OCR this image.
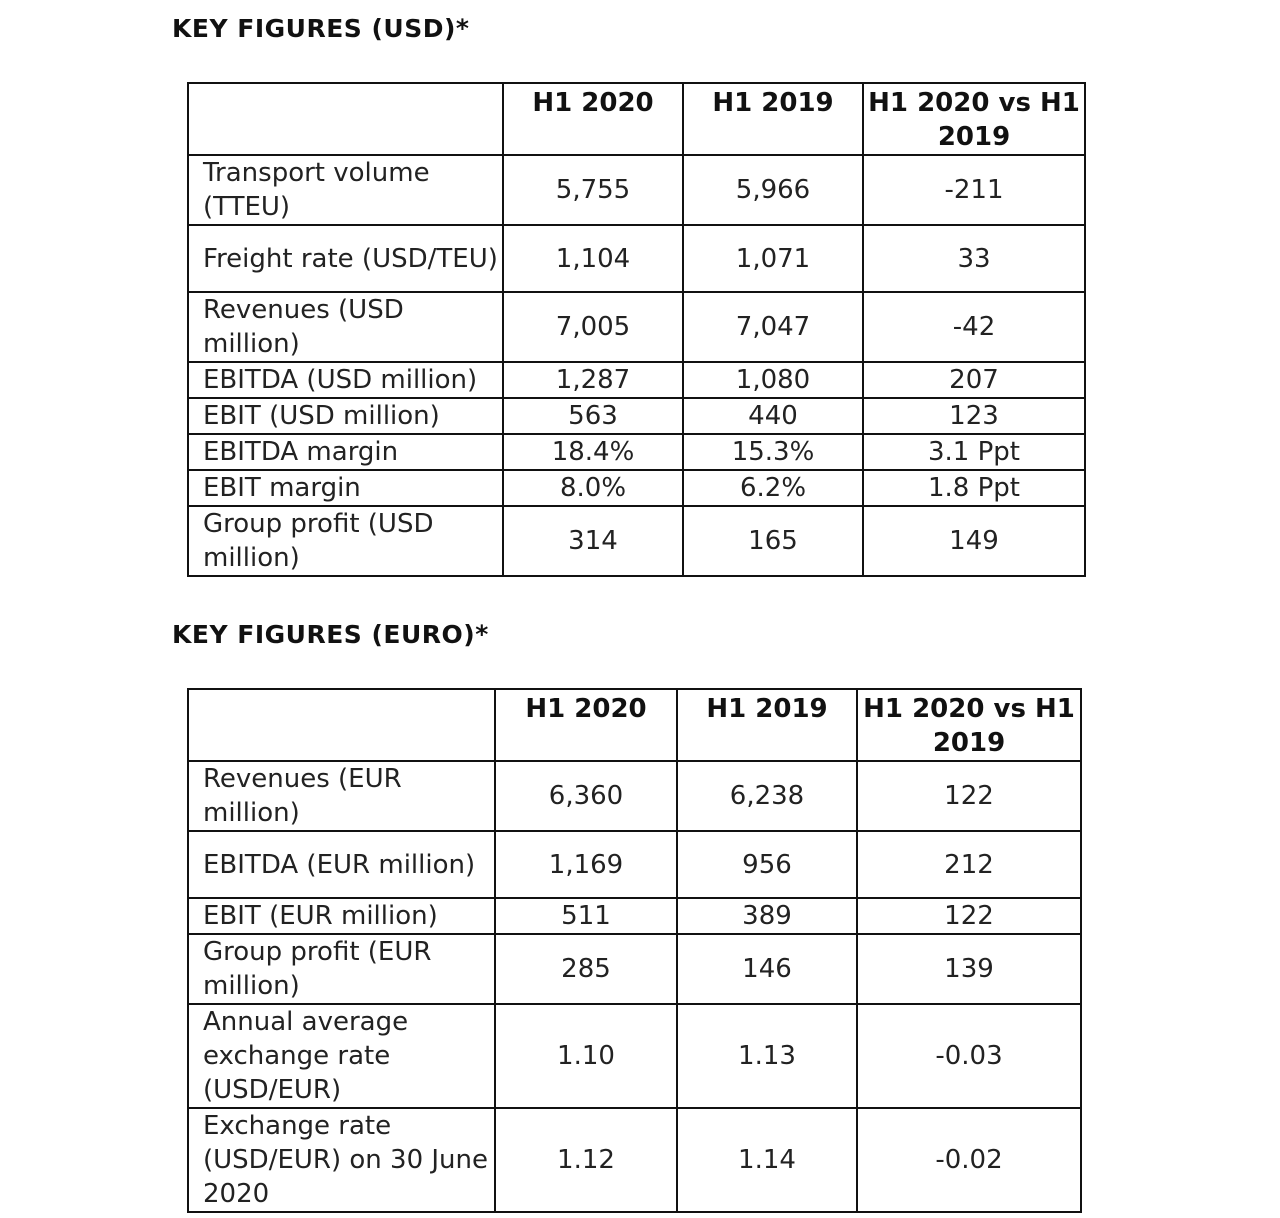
KEY FIGURES (USD)*
	H1 2020	H1 2019	H1 2020 vs H1 2019
Transport volume (TTEU)	5,755	5,966	-211
Freight rate (USD/TEU)	1,104	1,071	33
Revenues (USD million)	7,005	7,047	-42
EBITDA (USD million)	1,287	1,080	207
EBIT (USD million)	563	440	123
EBITDA margin	18.4%	15.3%	3.1 Ppt
EBIT margin	8.0%	6.2%	1.8 Ppt
Group profit (USD million)	314	165	149
KEY FIGURES (EURO)*
	H1 2020	H1 2019	H1 2020 vs H1 2019
Revenues (EUR million)	6,360	6,238	122
EBITDA (EUR million)	1,169	956	212
EBIT (EUR million)	511	389	122
Group profit (EUR million)	285	146	139
Annual average exchange rate (USD/EUR)	1.10	1.13	-0.03
Exchange rate (USD/EUR) on 30 June 2020	1.12	1.14	-0.02
